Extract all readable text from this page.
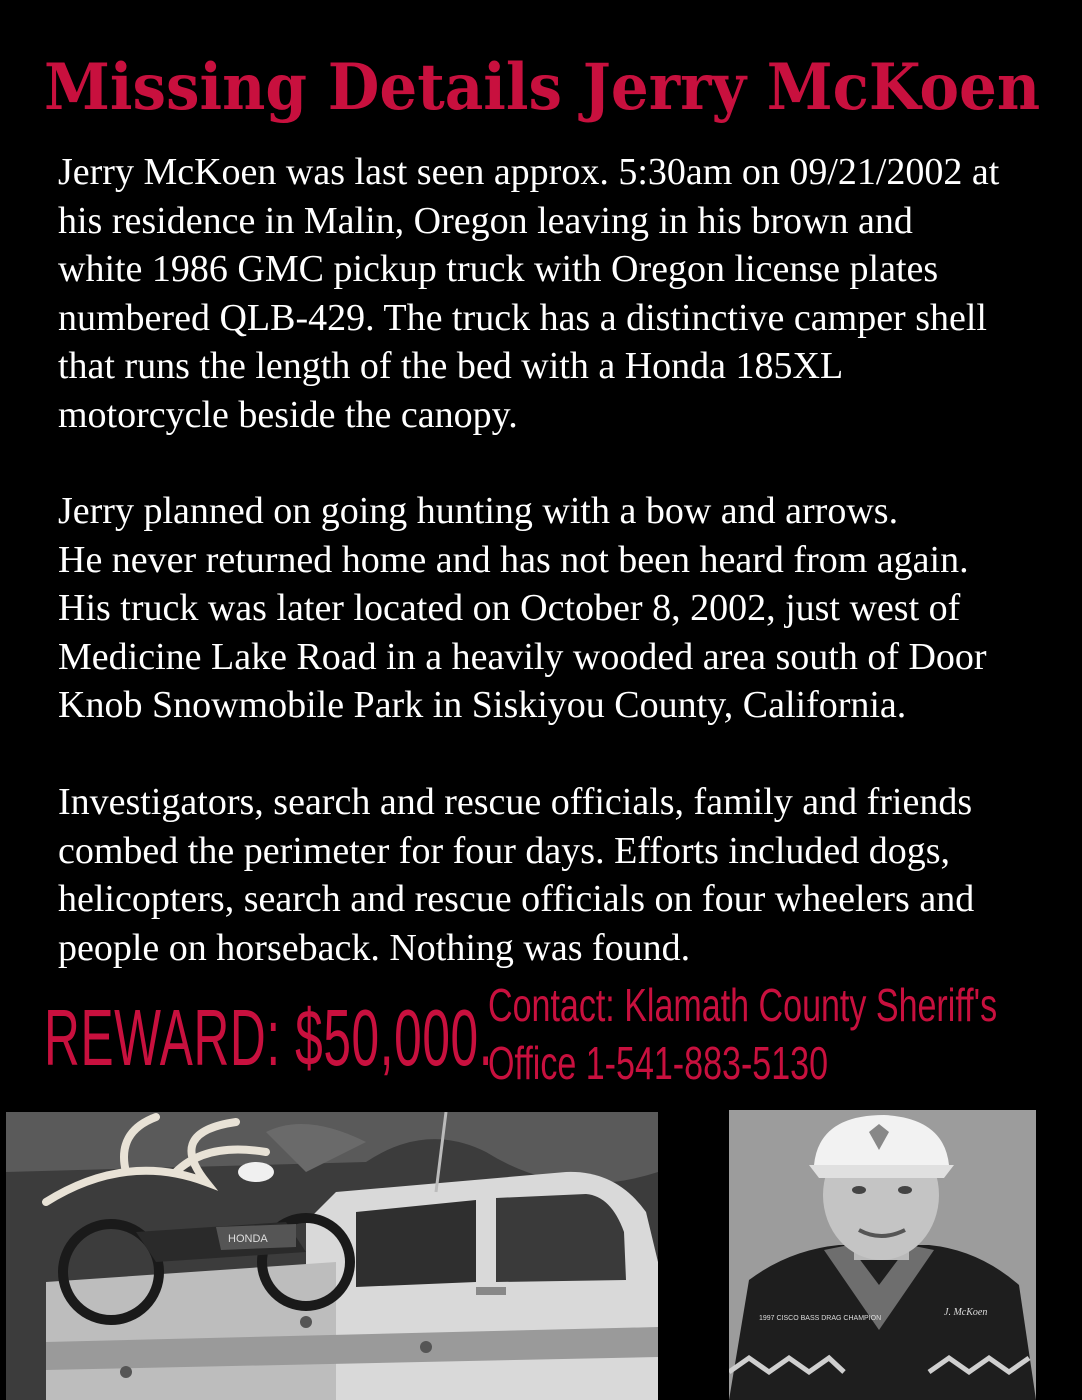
Missing Details Jerry McKoen

Jerry McKoen was last seen approx. 5:30am on 09/21/2002 at
his residence in Malin, Oregon leaving in his brown and
white 1986 GMC pickup truck with Oregon license plates
numbered QLB-429. The truck has a distinctive camper shell
that runs the length of the bed with a Honda 185XL
motorcycle beside the canopy.

Jerry planned on going hunting with a bow and arrows.
He never returned home and has not been heard from again.
His truck was later located on October 8, 2002, just west of
Medicine Lake Road in a heavily wooded area south of Door
Knob Snowmobile Park in Siskiyou County, California.

Investigators, search and rescue officials, family and friends
combed the perimeter for four days. Efforts included dogs,
helicopters, search and rescue officials on four wheelers and
people on horseback. Nothing was found.

REWARD: $50,000.
Contact: Klamath County Sheriff's
Office 1-541-883-5130
HONDA
1997 CISCO BASS DRAG CHAMPION
J. McKoen
